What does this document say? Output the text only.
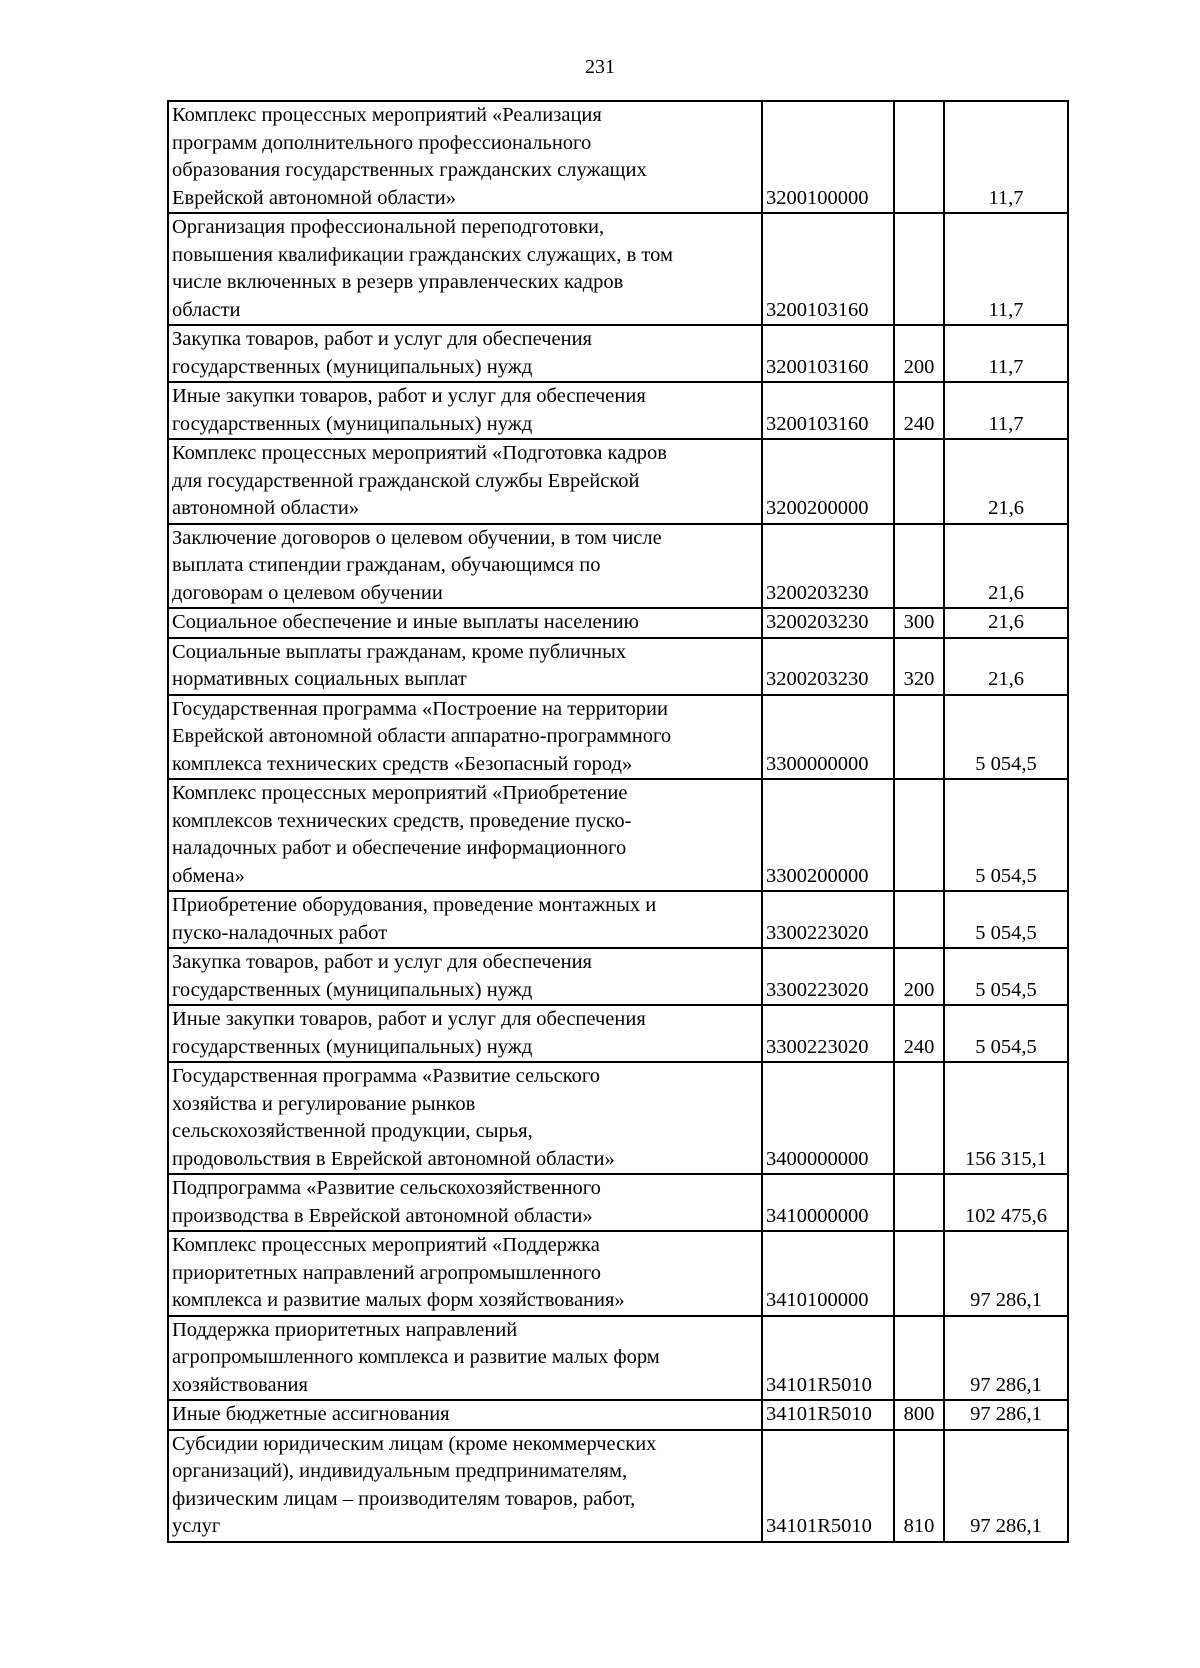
231
Комплекс процессных мероприятий «Реализация
программ дополнительного профессионального
образования государственных гражданских служащих
Еврейской автономной области»	3200100000		11,7

Организация профессиональной переподготовки,
повышения квалификации гражданских служащих, в том
числе включенных в резерв управленческих кадров
области	3200103160		11,7

Закупка товаров, работ и услуг для обеспечения
государственных (муниципальных) нужд	3200103160	200	11,7

Иные закупки товаров, работ и услуг для обеспечения
государственных (муниципальных) нужд	3200103160	240	11,7

Комплекс процессных мероприятий «Подготовка кадров
для государственной гражданской службы Еврейской
автономной области»	3200200000		21,6

Заключение договоров о целевом обучении, в том числе
выплата стипендии гражданам, обучающимся по
договорам о целевом обучении	3200203230		21,6

Социальное обеспечение и иные выплаты населению	3200203230	300	21,6

Социальные выплаты гражданам, кроме публичных
нормативных социальных выплат	3200203230	320	21,6

Государственная программа «Построение на территории
Еврейской автономной области аппаратно-программного
комплекса технических средств «Безопасный город»	3300000000		5 054,5

Комплекс процессных мероприятий «Приобретение
комплексов технических средств, проведение пуско-
наладочных работ и обеспечение информационного
обмена»	3300200000		5 054,5

Приобретение оборудования, проведение монтажных и
пуско-наладочных работ	3300223020		5 054,5

Закупка товаров, работ и услуг для обеспечения
государственных (муниципальных) нужд	3300223020	200	5 054,5

Иные закупки товаров, работ и услуг для обеспечения
государственных (муниципальных) нужд	3300223020	240	5 054,5

Государственная программа «Развитие сельского
хозяйства и регулирование рынков
сельскохозяйственной продукции, сырья,
продовольствия в Еврейской автономной области»	3400000000		156 315,1

Подпрограмма «Развитие сельскохозяйственного
производства в Еврейской автономной области»	3410000000		102 475,6

Комплекс процессных мероприятий «Поддержка
приоритетных направлений агропромышленного
комплекса и развитие малых форм хозяйствования»	3410100000		97 286,1

Поддержка приоритетных направлений
агропромышленного комплекса и развитие малых форм
хозяйствования	34101R5010		97 286,1

Иные бюджетные ассигнования	34101R5010	800	97 286,1

Субсидии юридическим лицам (кроме некоммерческих
организаций), индивидуальным предпринимателям,
физическим лицам – производителям товаров, работ,
услуг	34101R5010	810	97 286,1
